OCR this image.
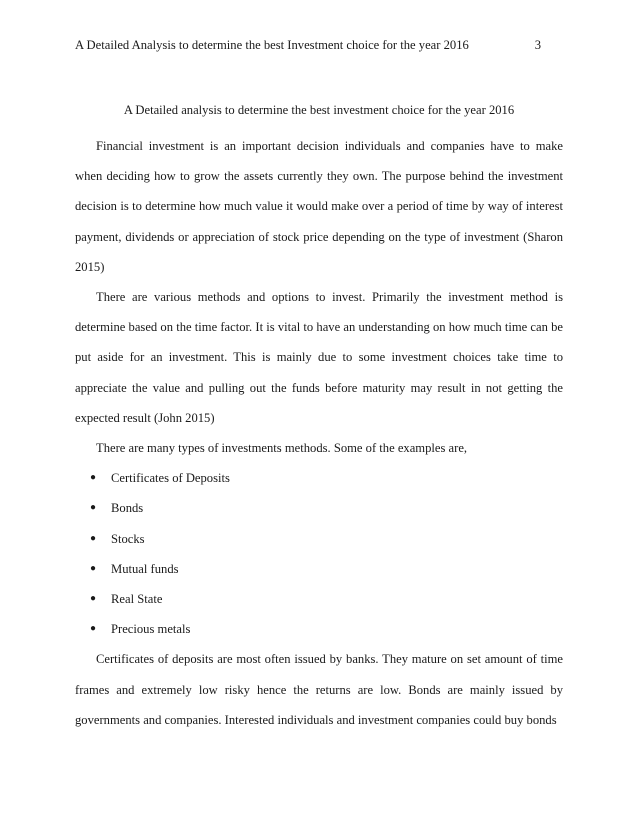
A Detailed Analysis to determine the best Investment choice for the year 2016	3
A Detailed analysis to determine the best investment choice for the year 2016

Financial investment is an important decision individuals and companies have to make when deciding how to grow the assets currently they own. The purpose behind the investment decision is to determine how much value it would make over a period of time by way of interest payment, dividends or appreciation of stock price depending on the type of investment (Sharon 2015)

There are various methods and options to invest. Primarily the investment method is determine based on the time factor. It is vital to have an understanding on how much time can be put aside for an investment. This is mainly due to some investment choices take time to appreciate the value and pulling out the funds before maturity may result in not getting the expected result (John 2015)

There are many types of investments methods. Some of the examples are,

● Certificates of Deposits
● Bonds
● Stocks
● Mutual funds
● Real State
● Precious metals

Certificates of deposits are most often issued by banks. They mature on set amount of time frames and extremely low risky hence the returns are low. Bonds are mainly issued by governments and companies. Interested individuals and investment companies could buy bonds
